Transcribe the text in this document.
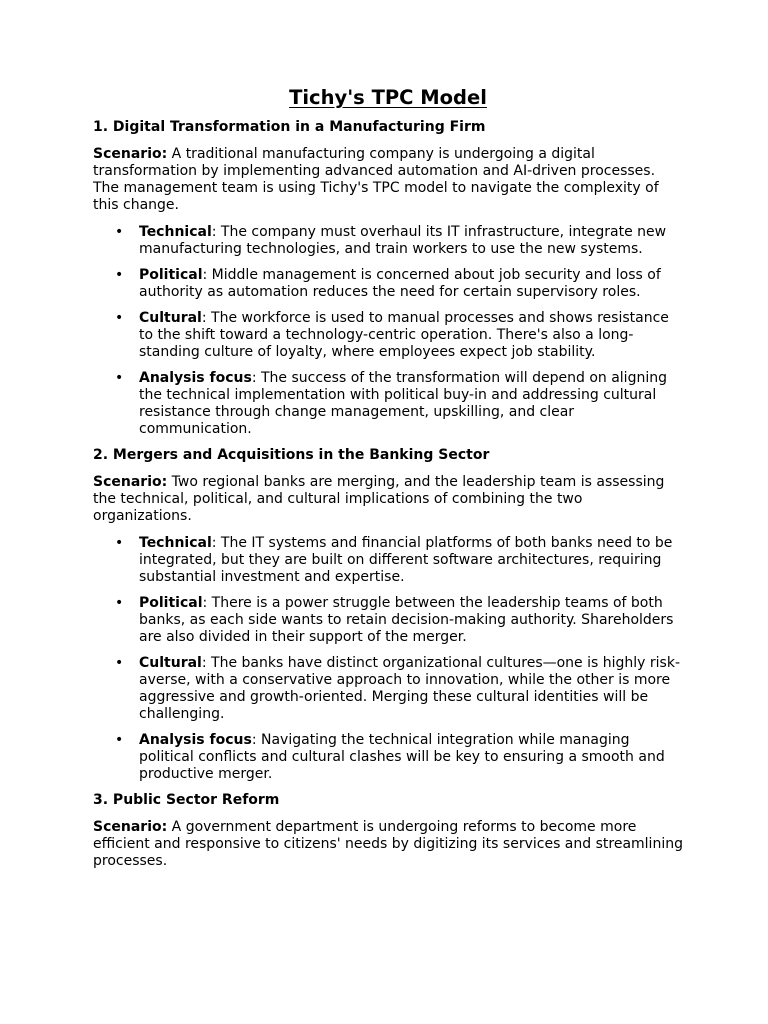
Tichy's TPC Model
1. Digital Transformation in a Manufacturing Firm

Scenario: A traditional manufacturing company is undergoing a digital transformation by implementing advanced automation and AI-driven processes. The management team is using Tichy's TPC model to navigate the complexity of this change.

• Technical: The company must overhaul its IT infrastructure, integrate new manufacturing technologies, and train workers to use the new systems.
• Political: Middle management is concerned about job security and loss of authority as automation reduces the need for certain supervisory roles.
• Cultural: The workforce is used to manual processes and shows resistance to the shift toward a technology-centric operation. There's also a long-standing culture of loyalty, where employees expect job stability.
• Analysis focus: The success of the transformation will depend on aligning the technical implementation with political buy-in and addressing cultural resistance through change management, upskilling, and clear communication.
2. Mergers and Acquisitions in the Banking Sector

Scenario: Two regional banks are merging, and the leadership team is assessing the technical, political, and cultural implications of combining the two organizations.

• Technical: The IT systems and financial platforms of both banks need to be integrated, but they are built on different software architectures, requiring substantial investment and expertise.
• Political: There is a power struggle between the leadership teams of both banks, as each side wants to retain decision-making authority. Shareholders are also divided in their support of the merger.
• Cultural: The banks have distinct organizational cultures—one is highly risk-averse, with a conservative approach to innovation, while the other is more aggressive and growth-oriented. Merging these cultural identities will be challenging.
• Analysis focus: Navigating the technical integration while managing political conflicts and cultural clashes will be key to ensuring a smooth and productive merger.
3. Public Sector Reform

Scenario: A government department is undergoing reforms to become more efficient and responsive to citizens' needs by digitizing its services and streamlining processes.
